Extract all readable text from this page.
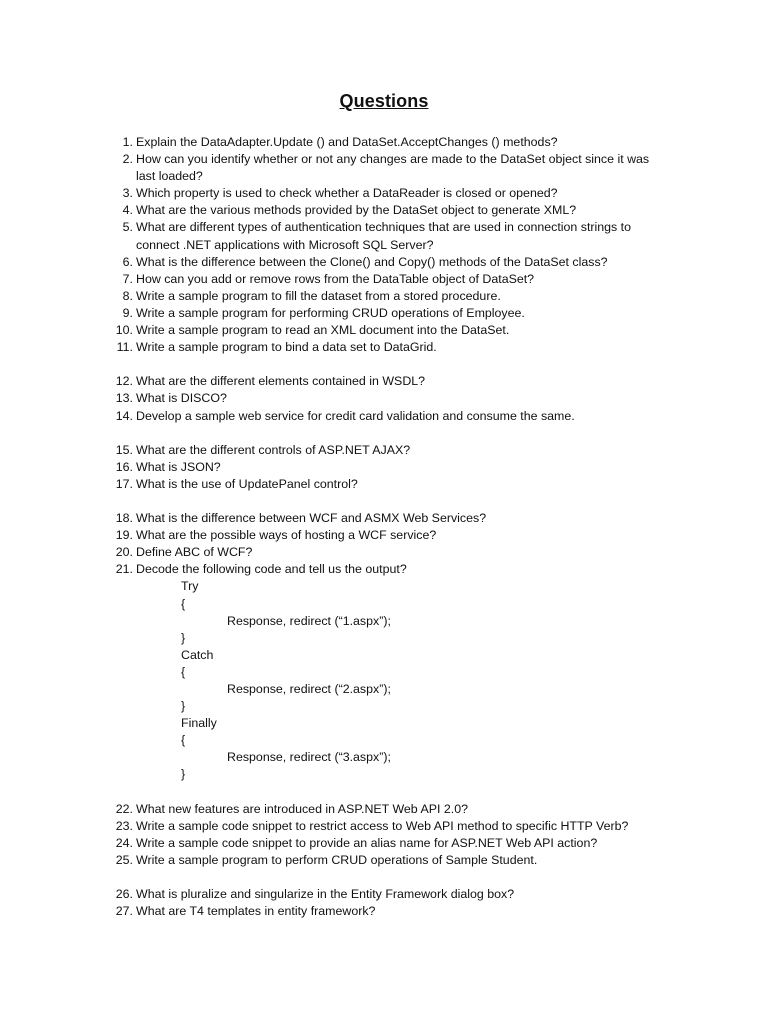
Questions
1 . Explain the DataAdapter.Update () and DataSet.AcceptChanges () methods?
2 . How can you identify whether or not any changes are made to the DataSet object since it was last loaded?
3 . Which property is used to check whether a DataReader is closed or opened?
4 . What are the various methods provided by the DataSet object to generate XML?
5 . What are different types of authentication techniques that are used in connection strings to connect .NET applications with Microsoft SQL Server?
6 . What is the difference between the Clone() and Copy() methods of the DataSet class?
7 . How can you add or remove rows from the DataTable object of DataSet?
8 . Write a sample program to fill the dataset from a stored procedure.
9 . Write a sample program for performing CRUD operations of Employee.
10 . Write a sample program to read an XML document into the DataSet.
11 . Write a sample program to bind a data set to DataGrid.
12 . What are the different elements contained in WSDL?
13 . What is DISCO?
14 . Develop a sample web service for credit card validation and consume the same.
15 . What are the different controls of ASP.NET AJAX?
16 . What is JSON?
17 . What is the use of UpdatePanel control?
18 . What is the difference between WCF and ASMX Web Services?
19 . What are the possible ways of hosting a WCF service?
20 . Define ABC of WCF?
21 . Decode the following code and tell us the output?
Try
{
Response, redirect (“1.aspx”);
}
Catch
{
Response, redirect (“2.aspx”);
}
Finally
{
Response, redirect (“3.aspx”);
}
22 . What new features are introduced in ASP.NET Web API 2.0?
23 . Write a sample code snippet to restrict access to Web API method to specific HTTP Verb?
24 . Write a sample code snippet to provide an alias name for ASP.NET Web API action?
25 . Write a sample program to perform CRUD operations of Sample Student.
26 . What is pluralize and singularize in the Entity Framework dialog box?
27 . What are T4 templates in entity framework?
